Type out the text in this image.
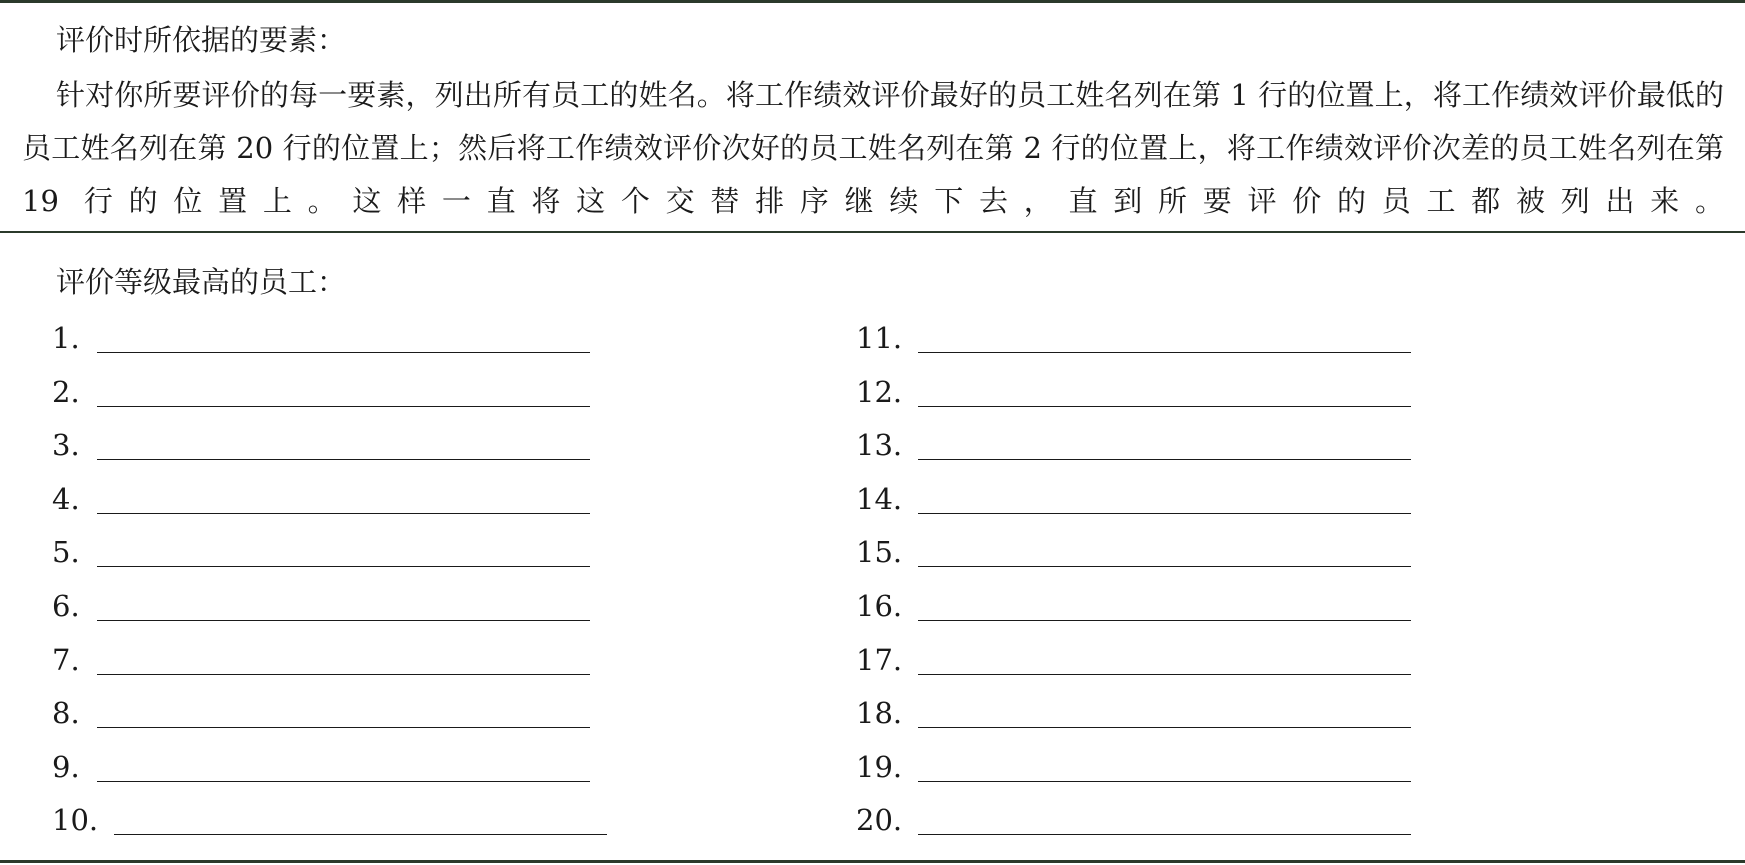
评价时所依据的要素：
针对你所要评价的每一要素，列出所有员工的姓名。将工作绩效评价最好的员工姓名列在第 1 行的位置上，将工作绩效评价最低的员工姓名列在第 20 行的位置上；然后将工作绩效评价次好的员工姓名列在第 2 行的位置上，将工作绩效评价次差的员工姓名列在第 19 行的位置上。这样一直将这个交替排序继续下去，直到所要评价的员工都被列出来。
评价等级最高的员工：
1.
2.
3.
4.
5.
6.
7.
8.
9.
10.
11.
12.
13.
14.
15.
16.
17.
18.
19.
20.
